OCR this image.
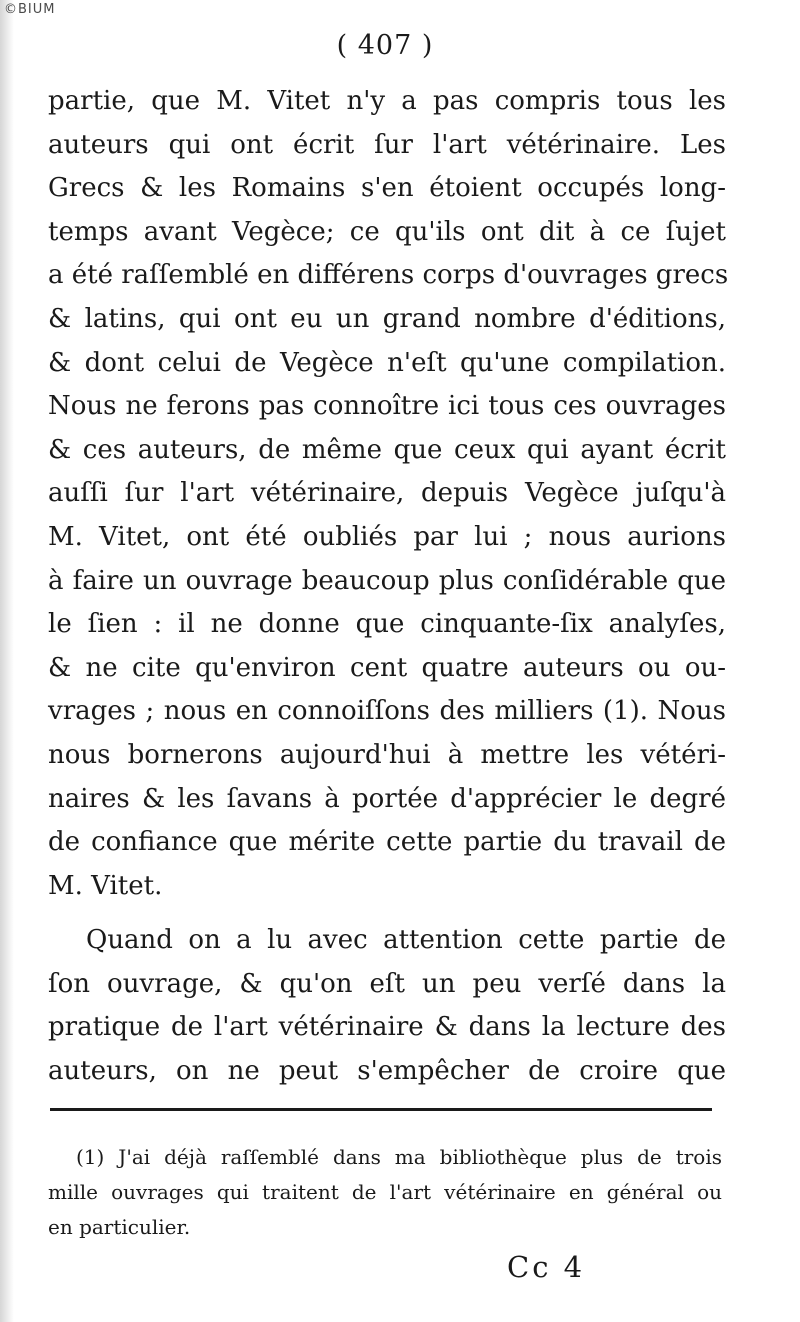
©BIUM
( 407 )
partie, que M. Vitet n'y a pas compris tous les
auteurs qui ont écrit ſur l'art vétérinaire. Les
Grecs & les Romains s'en étoient occupés long-
temps avant Vegèce; ce qu'ils ont dit à ce ſujet
a été raſſemblé en différens corps d'ouvrages grecs
& latins, qui ont eu un grand nombre d'éditions,
& dont celui de Vegèce n'eſt qu'une compilation.
Nous ne ferons pas connoître ici tous ces ouvrages
& ces auteurs, de même que ceux qui ayant écrit
auſſi ſur l'art vétérinaire, depuis Vegèce juſqu'à
M. Vitet, ont été oubliés par lui ; nous aurions
à faire un ouvrage beaucoup plus conſidérable que
le ſien : il ne donne que cinquante-ſix analyſes,
& ne cite qu'environ cent quatre auteurs ou ou-
vrages ; nous en connoiſſons des milliers (1). Nous
nous bornerons aujourd'hui à mettre les vétéri-
naires & les ſavans à portée d'apprécier le degré
de confiance que mérite cette partie du travail de
M. Vitet.
Quand on a lu avec attention cette partie de
ſon ouvrage, & qu'on eſt un peu verſé dans la
pratique de l'art vétérinaire & dans la lecture des
auteurs, on ne peut s'empêcher de croire que
(1) J'ai déjà raſſemblé dans ma bibliothèque plus de trois
mille ouvrages qui traitent de l'art vétérinaire en général ou
en particulier.
Cc 4
